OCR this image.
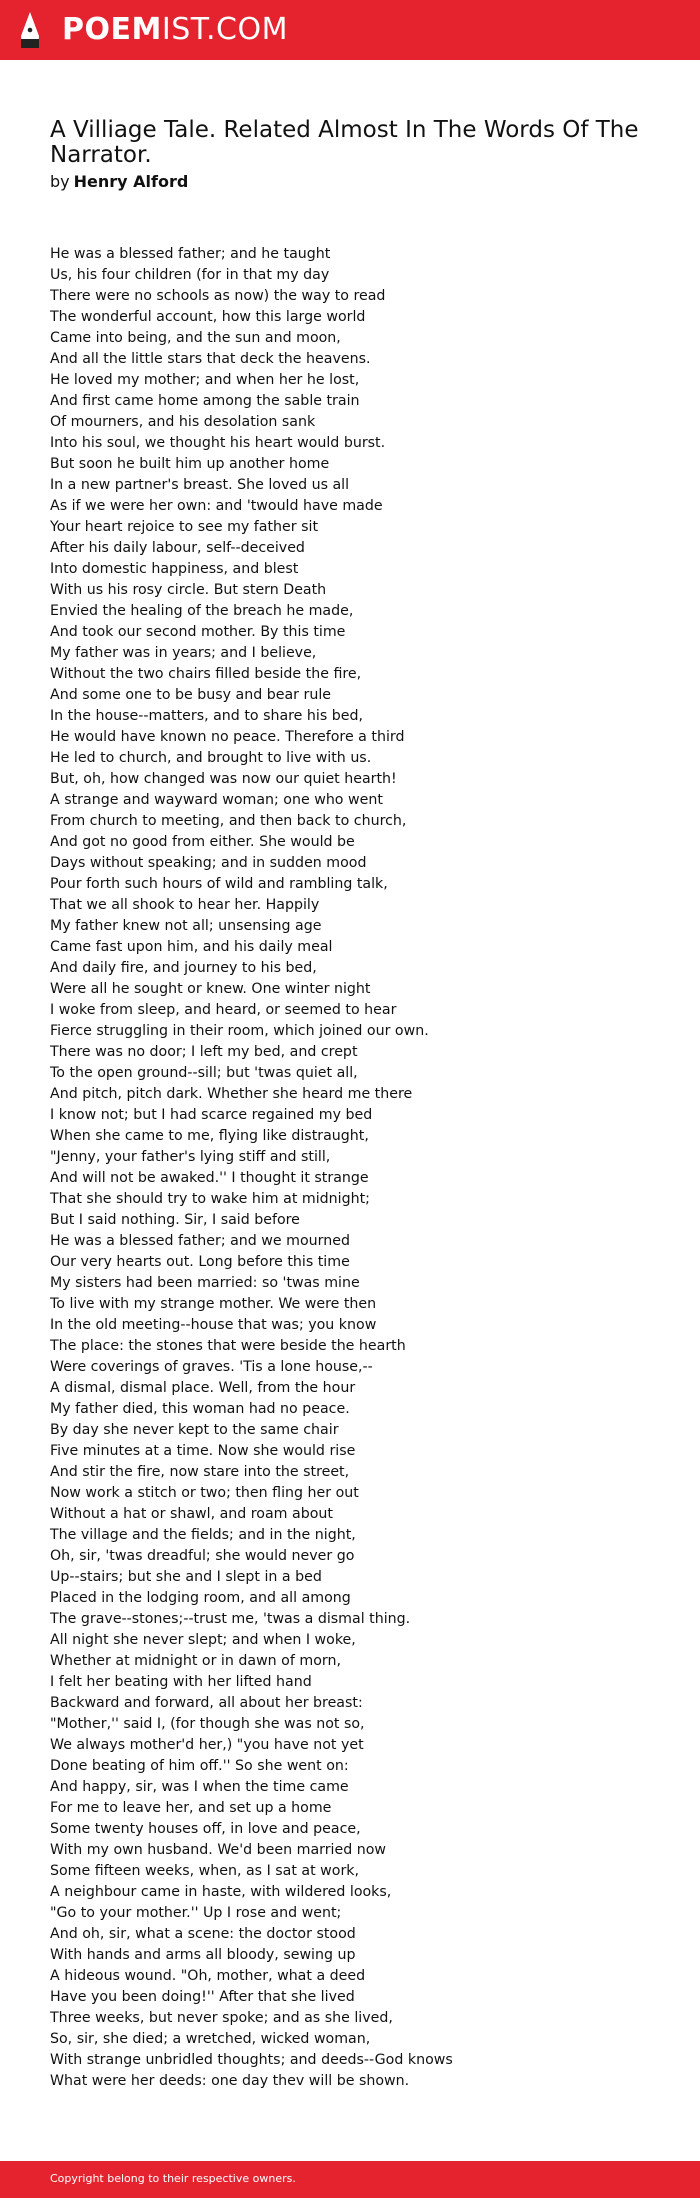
POEMIST.COM
A Villiage Tale. Related Almost In The Words Of The Narrator.
by Henry Alford
He was a blessed father; and he taught
Us, his four children (for in that my day
There were no schools as now) the way to read
The wonderful account, how this large world
Came into being, and the sun and moon,
And all the little stars that deck the heavens.
He loved my mother; and when her he lost,
And first came home among the sable train
Of mourners, and his desolation sank
Into his soul, we thought his heart would burst.
But soon he built him up another home
In a new partner's breast. She loved us all
As if we were her own: and 'twould have made
Your heart rejoice to see my father sit
After his daily labour, self--deceived
Into domestic happiness, and blest
With us his rosy circle. But stern Death
Envied the healing of the breach he made,
And took our second mother. By this time
My father was in years; and I believe,
Without the two chairs filled beside the fire,
And some one to be busy and bear rule
In the house--matters, and to share his bed,
He would have known no peace. Therefore a third
He led to church, and brought to live with us.
But, oh, how changed was now our quiet hearth!
A strange and wayward woman; one who went
From church to meeting, and then back to church,
And got no good from either. She would be
Days without speaking; and in sudden mood
Pour forth such hours of wild and rambling talk,
That we all shook to hear her. Happily
My father knew not all; unsensing age
Came fast upon him, and his daily meal
And daily fire, and journey to his bed,
Were all he sought or knew. One winter night
I woke from sleep, and heard, or seemed to hear
Fierce struggling in their room, which joined our own.
There was no door; I left my bed, and crept
To the open ground--sill; but 'twas quiet all,
And pitch, pitch dark. Whether she heard me there
I know not; but I had scarce regained my bed
When she came to me, flying like distraught,
"Jenny, your father's lying stiff and still,
And will not be awaked.'' I thought it strange
That she should try to wake him at midnight;
But I said nothing. Sir, I said before
He was a blessed father; and we mourned
Our very hearts out. Long before this time
My sisters had been married: so 'twas mine
To live with my strange mother. We were then
In the old meeting--house that was; you know
The place: the stones that were beside the hearth
Were coverings of graves. 'Tis a lone house,--
A dismal, dismal place. Well, from the hour
My father died, this woman had no peace.
By day she never kept to the same chair
Five minutes at a time. Now she would rise
And stir the fire, now stare into the street,
Now work a stitch or two; then fling her out
Without a hat or shawl, and roam about
The village and the fields; and in the night,
Oh, sir, 'twas dreadful; she would never go
Up--stairs; but she and I slept in a bed
Placed in the lodging room, and all among
The grave--stones;--trust me, 'twas a dismal thing.
All night she never slept; and when I woke,
Whether at midnight or in dawn of morn,
I felt her beating with her lifted hand
Backward and forward, all about her breast:
"Mother,'' said I, (for though she was not so,
We always mother'd her,) "you have not yet
Done beating of him off.'' So she went on:
And happy, sir, was I when the time came
For me to leave her, and set up a home
Some twenty houses off, in love and peace,
With my own husband. We'd been married now
Some fifteen weeks, when, as I sat at work,
A neighbour came in haste, with wildered looks,
"Go to your mother.'' Up I rose and went;
And oh, sir, what a scene: the doctor stood
With hands and arms all bloody, sewing up
A hideous wound. "Oh, mother, what a deed
Have you been doing!'' After that she lived
Three weeks, but never spoke; and as she lived,
So, sir, she died; a wretched, wicked woman,
With strange unbridled thoughts; and deeds--God knows
What were her deeds: one day thev will be shown.
Copyright belong to their respective owners.
